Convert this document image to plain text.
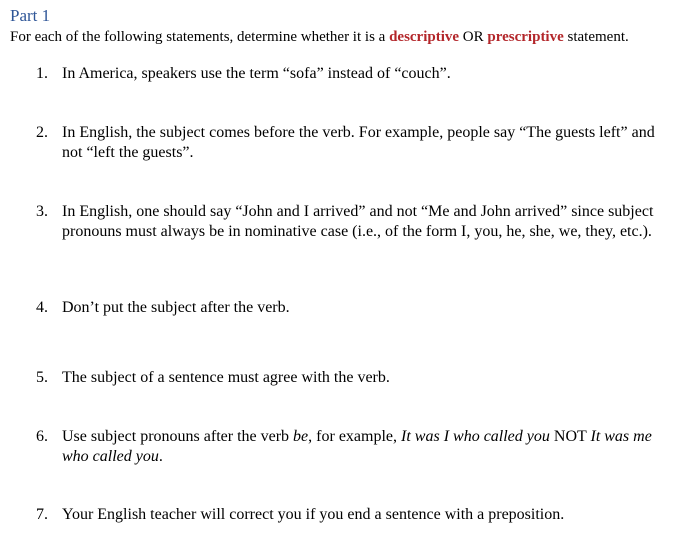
Part 1
For each of the following statements, determine whether it is a descriptive OR prescriptive statement.
1. In America, speakers use the term “sofa” instead of “couch”.
2. In English, the subject comes before the verb. For example, people say “The guests left” and not “left the guests”.
3. In English, one should say “John and I arrived” and not “Me and John arrived” since subject pronouns must always be in nominative case (i.e., of the form I, you, he, she, we, they, etc.).
4. Don’t put the subject after the verb.
5. The subject of a sentence must agree with the verb.
6. Use subject pronouns after the verb be, for example, It was I who called you NOT It was me who called you.
7. Your English teacher will correct you if you end a sentence with a preposition.
